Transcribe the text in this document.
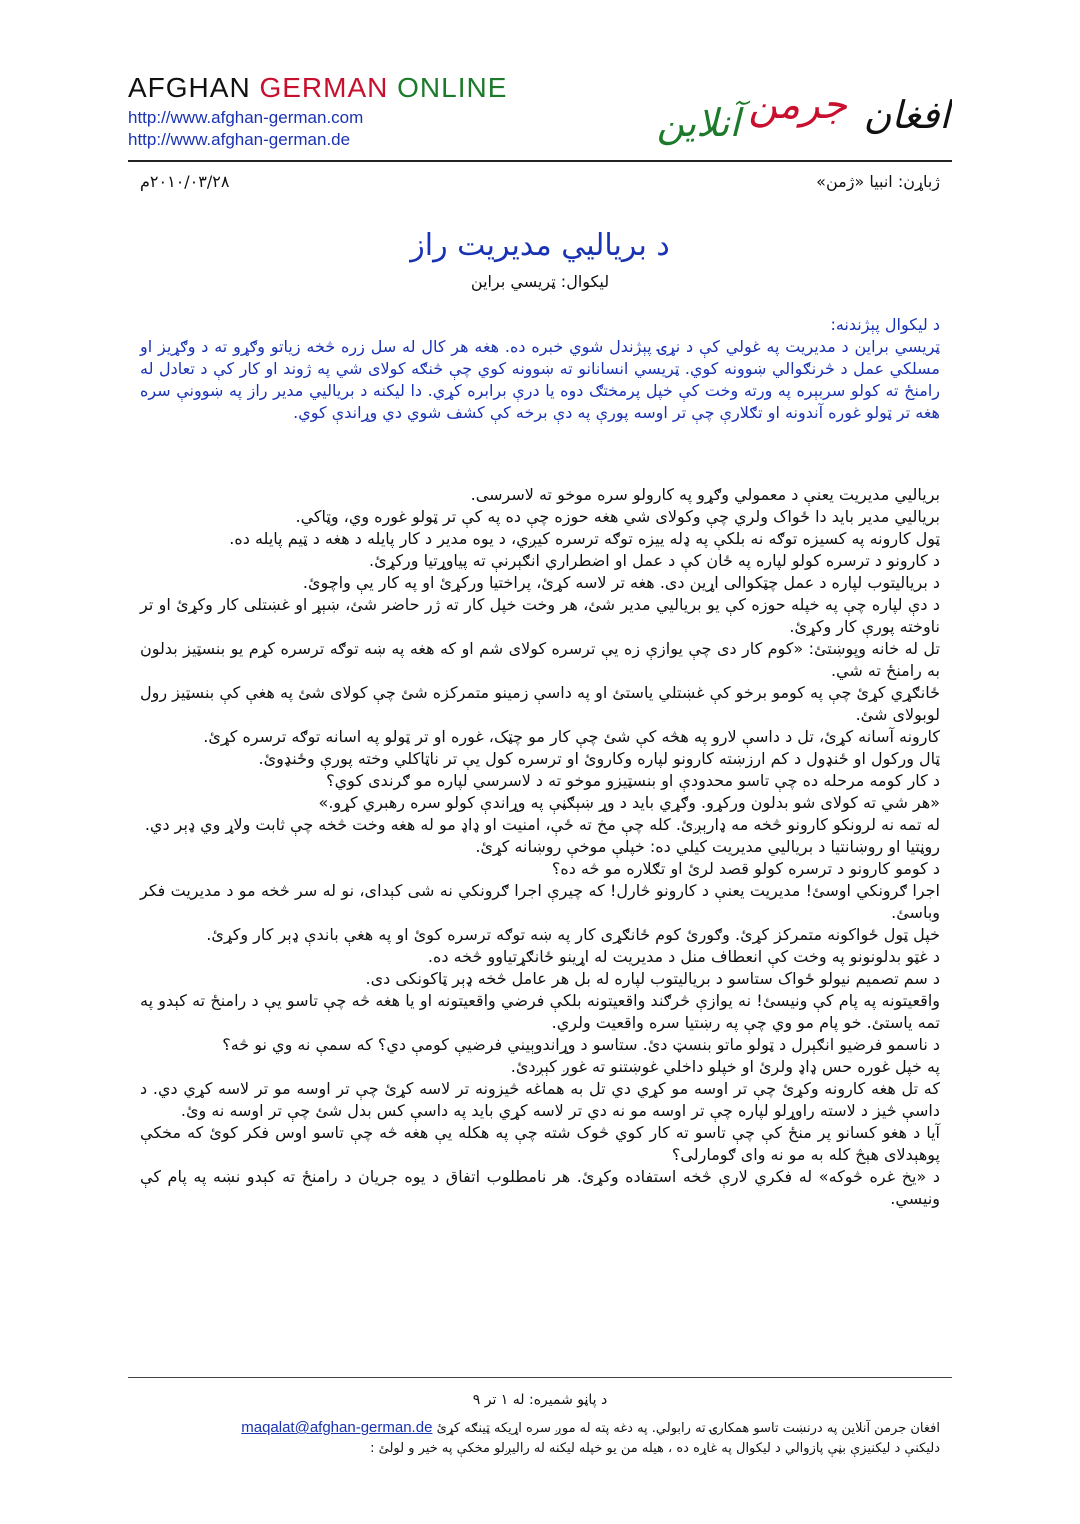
AFGHAN GERMAN ONLINE
http://www.afghan-german.com
http://www.afghan-german.de
افغان
جرمن
آنلاين
ژباړن: انبيا «ژمن»
۲۰۱۰/۰۳/۲۸م
د برياليي مديريت راز
ليکوال: ټريسي براين
د ليکوال پېژندنه:
ټريسي براين د مديريت په غولي کې د نړۍ پېژندل شوي خبره ده. هغه هر کال له سل زره څخه زياتو وګړو ته د وګړيز او مسلکي عمل د څرنګوالي ښوونه کوي. ټريسي انسانانو ته ښوونه کوي چې څنګه کولای شي په ژوند او کار کې د تعادل له رامنځ ته کولو سربېره په ورته وخت کې خپل پرمختګ دوه يا درې برابره کړي. دا ليکنه د برياليي مدير راز په ښوونې سره هغه تر ټولو غوره آندونه او تګلارې چې تر اوسه پورې په دې برخه کې کشف شوي دي وړاندې کوي.

برياليي مديريت يعنې د معمولي وګړو په کارولو سره موخو ته لاسرسی.

برياليي مدير بايد دا ځواک ولري چې وکولای شي هغه حوزه چې ده په کې تر ټولو غوره وي، وټاکي.

ټول کارونه په کسيزه توګه نه بلکې په ډله ييزه توګه ترسره کيږي، د يوه مدير د کار پايله د هغه د ټيم پايله ده.

د کارونو د ترسره کولو لپاره په ځان کې د عمل او اضطراري انګېرنې ته پياوړتيا ورکړئ.

د برياليتوب لپاره د عمل چټکوالی اړين دی. هغه تر لاسه کړئ، پراختيا ورکړئ او په کار يې واچوئ.

د دې لپاره چې په خپله حوزه کې يو برياليي مدير شئ، هر وخت خپل کار ته ژر حاضر شئ، ښېړ او غښتلی کار وکړئ او تر ناوخته پورې کار وکړئ.

تل له خانه وپوښتئ: «کوم کار دی چې يوازې زه يې ترسره کولای شم او که هغه په ښه توګه ترسره کړم يو بنسټيز بدلون به رامنځ ته شي.

ځانګړي کړئ چې په کومو برخو کې غښتلي ياستئ او په داسې زمينو متمرکزه شئ چې کولای شئ په هغې کې بنسټيز رول لوبولای شئ.

کارونه آسانه کړئ، تل د داسې لارو په هڅه کې شئ چې کار مو چټک، غوره او تر ټولو په اسانه توګه ترسره کړئ.

ټال ورکول او ځنډول د کم ارزښته کارونو لپاره وکاروئ او ترسره کول يې تر ناټاکلي وخته پورې وځنډوئ.

د کار کومه مرحله ده چې تاسو محدودې او بنسټيزو موخو ته د لاسرسي لپاره مو ګرندی کوي؟

«هر شي ته کولای شو بدلون ورکړو. وګړي بايد د وړ ښېګڼې په وړاندې کولو سره رهبري کړو.»

له تمه نه لرونکو کارونو څخه مه ډارېږئ. کله چې مخ ته ځې، امنيت او ډاډ مو له هغه وخت څخه چې ثابت ولاړ وي ډېر دي.

روڼتيا او روښانتيا د برياليي مديريت کيلي ده: خپلې موخې روښانه کړئ.

د کومو کارونو د ترسره کولو قصد لرئ او تګلاره مو څه ده؟

اجرا ګرونکي اوسئ! مديريت يعنې د کارونو څارل! که چيرې اجرا ګرونکي نه شی کېدای، نو له سر څخه مو د مديريت فکر وباسئ.

خپل ټول ځواکونه متمرکز کړئ. وګورئ کوم ځانګړی کار په ښه توګه ترسره کوئ او په هغې باندې ډېر کار وکړئ.

د غټو بدلونونو په وخت کې انعطاف منل د مديريت له اړينو ځانګړتياوو څخه ده.

د سم تصميم نيولو ځواک ستاسو د برياليتوب لپاره له بل هر عامل څخه ډېر ټاکونکی دی.

واقعيتونه په پام کې ونيسئ! نه يوازې څرګند واقعيتونه بلکې فرضي واقعيتونه او يا هغه څه چې تاسو يې د رامنځ ته کېدو په تمه ياستئ. خو پام مو وي چې په رښتيا سره واقعيت ولري.

د ناسمو فرضيو انګېرل د ټولو ماتو بنسټ دئ. ستاسو د وړاندوېيني فرضيې کومې دي؟ که سمې نه وي نو څه؟

په خپل غوره حس ډاډ ولرئ او خپلو داخلي غوښتنو ته غوږ کېږدئ.

که تل هغه کارونه وکړئ چې تر اوسه مو کړي دي تل به هماغه څيزونه تر لاسه کړئ چې تر اوسه مو تر لاسه کړي دي. د داسې څيز د لاسته راوړلو لپاره چې تر اوسه مو نه دي تر لاسه کړي بايد په داسې کس بدل شئ چې تر اوسه نه وئ.

آيا د هغو کسانو پر منځ کې چې تاسو ته کار کوي څوک شته چې په هکله يې هغه څه چې تاسو اوس فکر کوئ که مخکې پوهېدلای هېڅ کله به مو نه وای ګومارلی؟

د «يخ غره څوکه» له فکري لارې څخه استفاده وکړئ. هر نامطلوب اتفاق د يوه جريان د رامنځ ته کېدو نښه په پام کې ونيسي.

د پاڼو شميره: له ۱ تر ۹
افغان جرمن آنلاين په درنښت تاسو همکارۍ ته رابولي. په دغه پته له موږ سره اړيکه ټينګه کړئ maqalat@afghan-german.de
دليکنې د ليکنيزې بڼې پازوالي د ليکوال په غاړه ده ، هيله من يو خپله ليکنه له راليږلو مخکې په خير و لولئ :
